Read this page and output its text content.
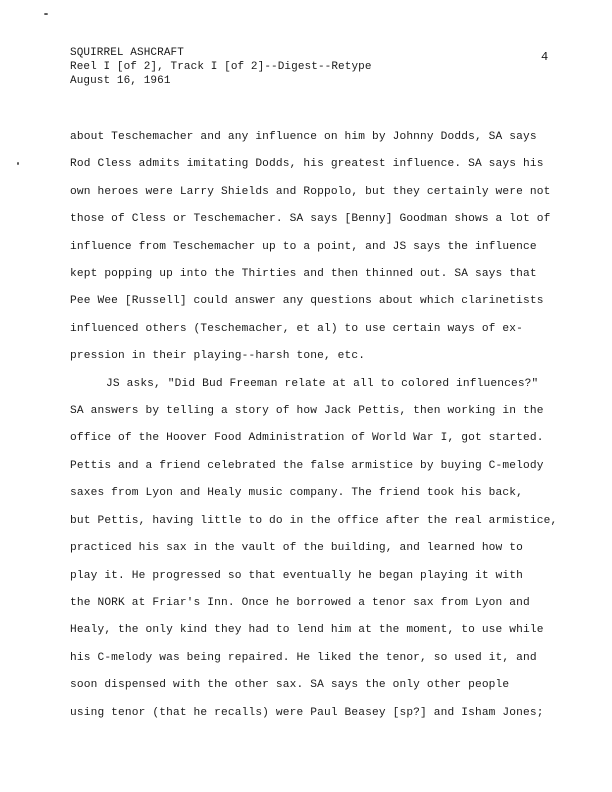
SQUIRREL ASHCRAFT
Reel I [of 2], Track I [of 2]--Digest--Retype
August 16, 1961
4
about Teschemacher and any influence on him by Johnny Dodds, SA says
Rod Cless admits imitating Dodds, his greatest influence. SA says his
own heroes were Larry Shields and Roppolo, but they certainly were not
those of Cless or Teschemacher. SA says [Benny] Goodman shows a lot of
influence from Teschemacher up to a point, and JS says the influence
kept popping up into the Thirties and then thinned out. SA says that
Pee Wee [Russell] could answer any questions about which clarinetists
influenced others (Teschemacher, et al) to use certain ways of ex-
pression in their playing--harsh tone, etc.
JS asks, "Did Bud Freeman relate at all to colored influences?"
SA answers by telling a story of how Jack Pettis, then working in the
office of the Hoover Food Administration of World War I, got started.
Pettis and a friend celebrated the false armistice by buying C-melody
saxes from Lyon and Healy music company. The friend took his back,
but Pettis, having little to do in the office after the real armistice,
practiced his sax in the vault of the building, and learned how to
play it. He progressed so that eventually he began playing it with
the NORK at Friar's Inn. Once he borrowed a tenor sax from Lyon and
Healy, the only kind they had to lend him at the moment, to use while
his C-melody was being repaired. He liked the tenor, so used it, and
soon dispensed with the other sax. SA says the only other people
using tenor (that he recalls) were Paul Beasey [sp?] and Isham Jones;
